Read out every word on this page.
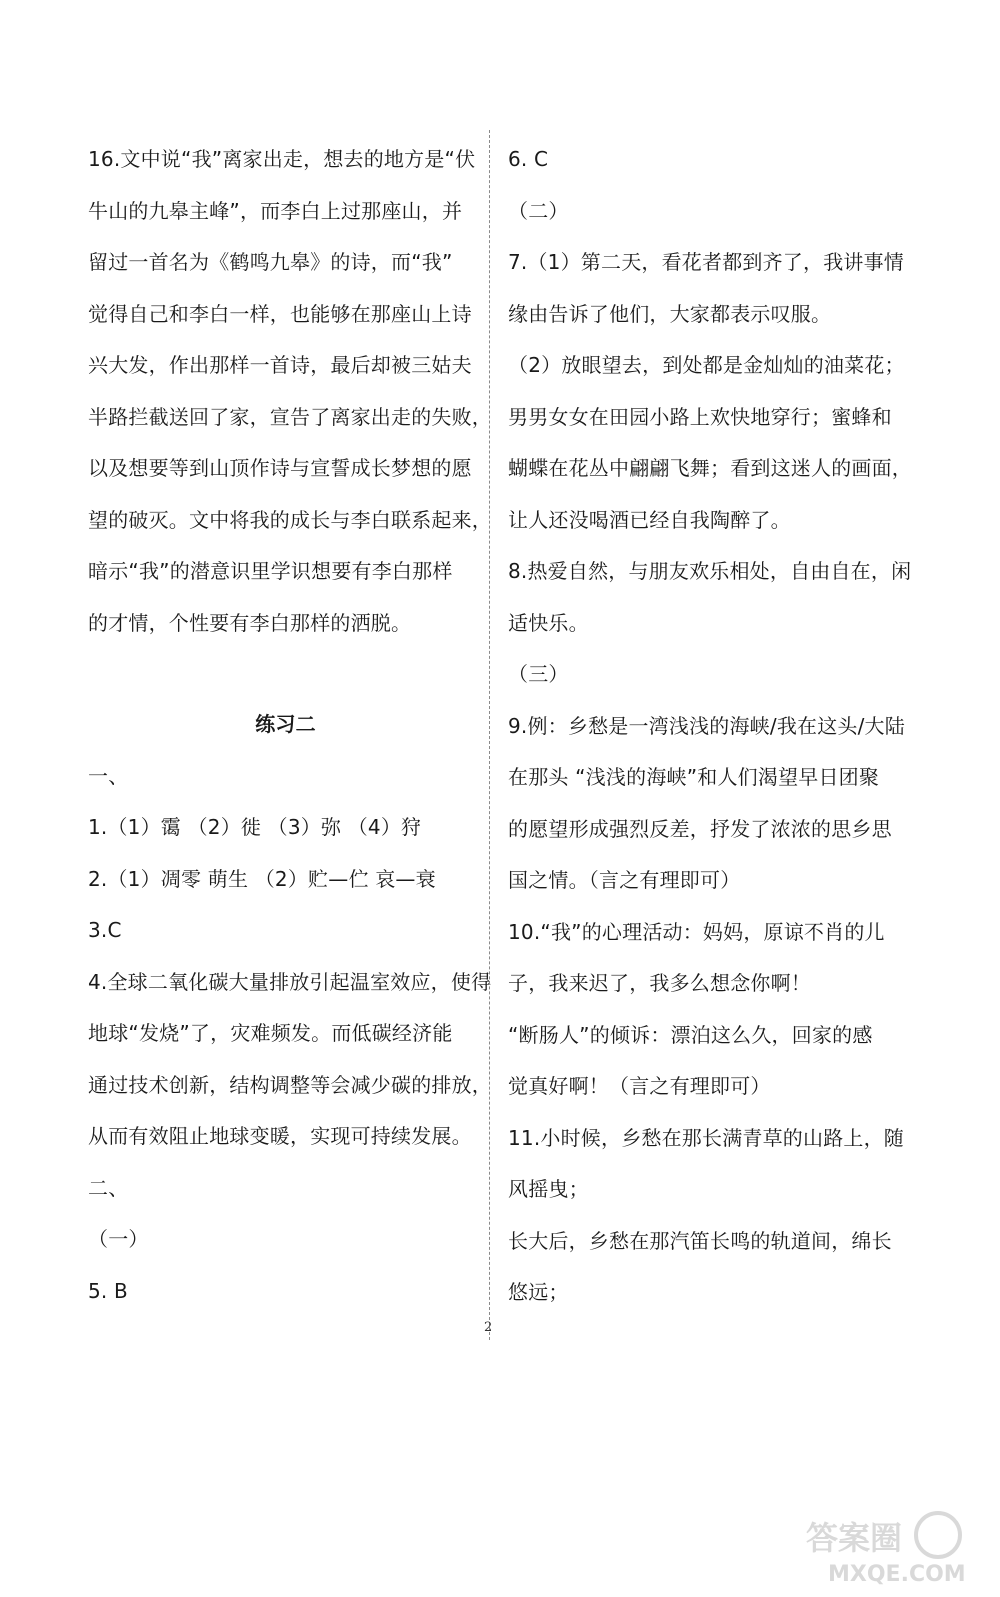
16.文中说“我”离家出走，想去的地方是“伏
牛山的九皋主峰”，而李白上过那座山，并
留过一首名为《鹤鸣九皋》的诗，而“我”
觉得自己和李白一样，也能够在那座山上诗
兴大发，作出那样一首诗，最后却被三姑夫
半路拦截送回了家，宣告了离家出走的失败，
以及想要等到山顶作诗与宣誓成长梦想的愿
望的破灭。文中将我的成长与李白联系起来，
暗示“我”的潜意识里学识想要有李白那样
的才情，个性要有李白那样的洒脱。
练习二
一、
1.（1）霭 （2）徙 （3）弥 （4）狩
2.（1）凋零 萌生 （2）贮—伫 哀—衰
3.C
4.全球二氧化碳大量排放引起温室效应，使得
地球“发烧”了，灾难频发。而低碳经济能
通过技术创新，结构调整等会减少碳的排放，
从而有效阻止地球变暖，实现可持续发展。
二、
（一）
5. B
6. C
（二）
7.（1）第二天，看花者都到齐了，我讲事情
缘由告诉了他们，大家都表示叹服。
（2）放眼望去，到处都是金灿灿的油菜花；
男男女女在田园小路上欢快地穿行；蜜蜂和
蝴蝶在花丛中翩翩飞舞；看到这迷人的画面，
让人还没喝酒已经自我陶醉了。
8.热爱自然，与朋友欢乐相处，自由自在，闲
适快乐。
（三）
9.例：乡愁是一湾浅浅的海峡/我在这头/大陆
在那头 “浅浅的海峡”和人们渴望早日团聚
的愿望形成强烈反差，抒发了浓浓的思乡思
国之情。（言之有理即可）
10.“我”的心理活动：妈妈，原谅不肖的儿
子，我来迟了，我多么想念你啊！
“断肠人”的倾诉：漂泊这么久，回家的感
觉真好啊！（言之有理即可）
11.小时候，乡愁在那长满青草的山路上，随
风摇曳；
长大后，乡愁在那汽笛长鸣的轨道间，绵长
悠远；
2
答案圈
MXQE.COM
